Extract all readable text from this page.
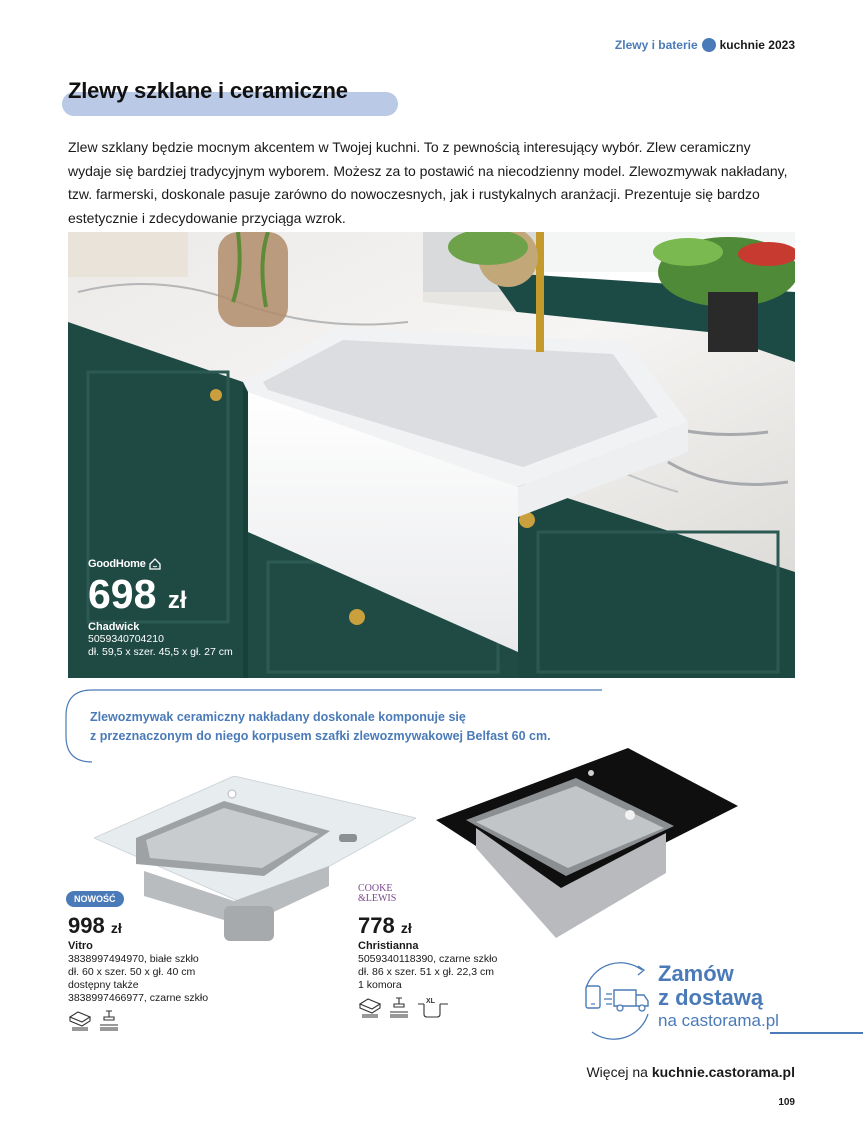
Zlewy i baterie kuchnie 2023
Zlewy szklane i ceramiczne

Zlew szklany będzie mocnym akcentem w Twojej kuchni. To z pewnością interesujący wybór. Zlew ceramiczny wydaje się bardziej tradycyjnym wyborem. Możesz za to postawić na niecodzienny model. Zlewozmywak nakładany, tzw. farmerski, doskonale pasuje zarówno do nowoczesnych, jak i rustykalnych aranżacji. Prezentuje się bardzo estetycznie i zdecydowanie przyciąga wzrok.

GoodHome
698 zł
Chadwick
5059340704210
dł. 59,5 x szer. 45,5 x gł. 27 cm

Zlewozmywak ceramiczny nakładany doskonale komponuje się
z przeznaczonym do niego korpusem szafki zlewozmywakowej Belfast 60 cm.

NOWOŚĆ
998 zł
Vitro
3838997494970, białe szkło
dł. 60 x szer. 50 x gł. 40 cm
dostępny także
3838997466977, czarne szkło
COOKE
&LEWIS
778 zł
Christianna
5059340118390, czarne szkło
dł. 86 x szer. 51 x gł. 22,3 cm
1 komora
XL
Zamów
z dostawą
na castorama.pl
Więcej na kuchnie.castorama.pl
109
